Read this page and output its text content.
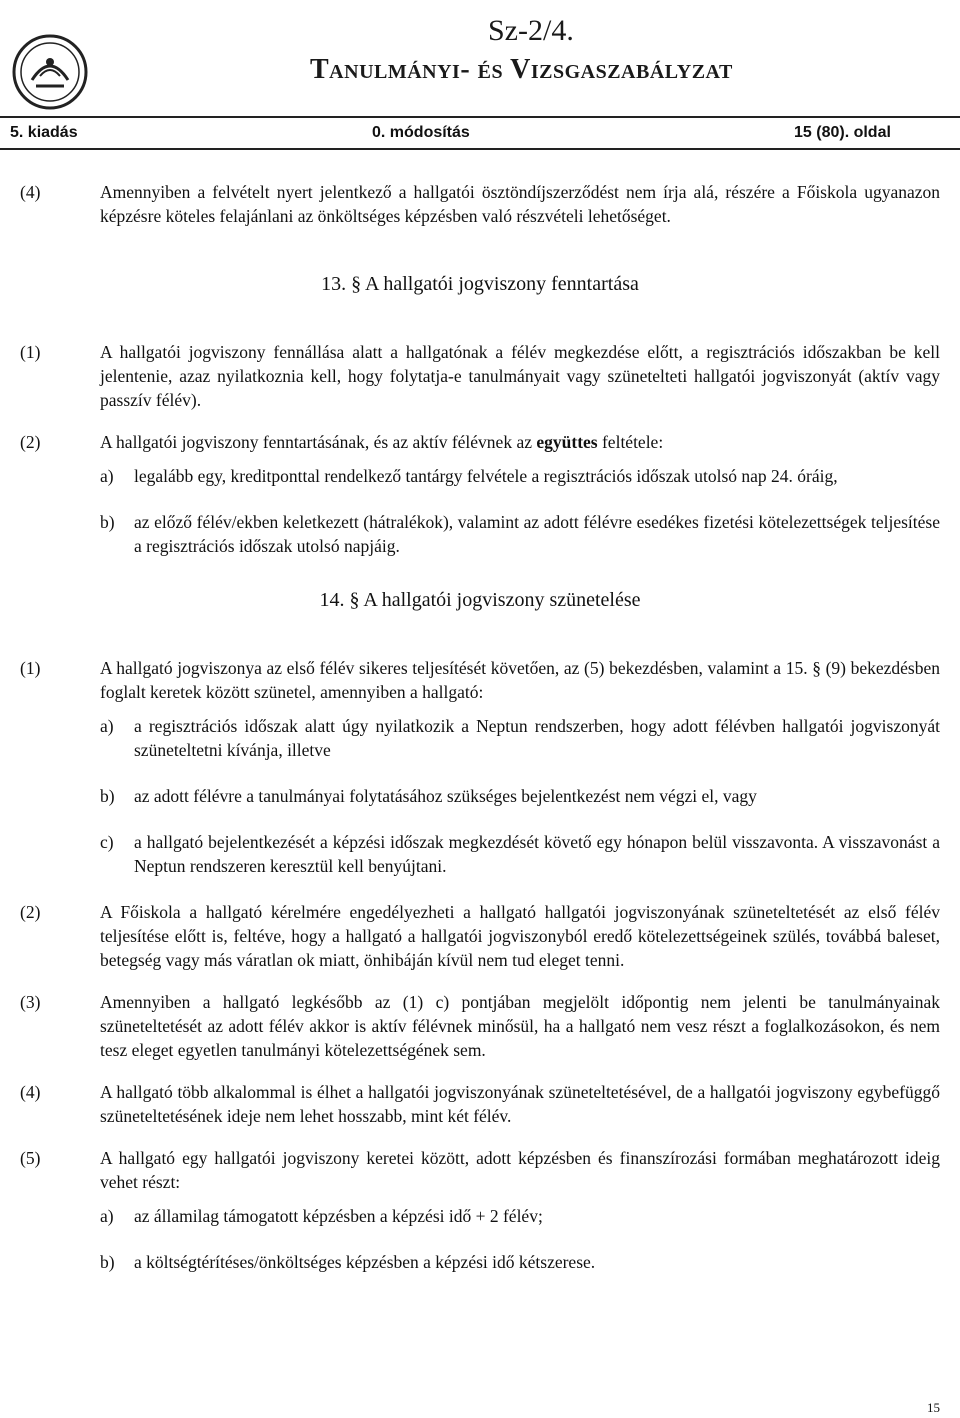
Sz-2/4.
Tanulmányi- és Vizsgaszabályzat
5. kiadás	0. módosítás	15 (80). oldal
(4)	Amennyiben a felvételt nyert jelentkező a hallgatói ösztöndíjszerződést nem írja alá, részére a Főiskola ugyanazon képzésre köteles felajánlani az önköltséges képzésben való részvételi lehetőséget.
13. § A hallgatói jogviszony fenntartása
(1)	A hallgatói jogviszony fennállása alatt a hallgatónak a félév megkezdése előtt, a regisztrációs időszakban be kell jelentenie, azaz nyilatkoznia kell, hogy folytatja-e tanulmányait vagy szünetelteti hallgatói jogviszonyát (aktív vagy passzív félév).
(2)	A hallgatói jogviszony fenntartásának, és az aktív félévnek az együttes feltétele:
a)	legalább egy, kreditponttal rendelkező tantárgy felvétele a regisztrációs időszak utolsó nap 24. óráig,
b)	az előző félév/ekben keletkezett (hátralékok), valamint az adott félévre esedékes fizetési kötelezettségek teljesítése a regisztrációs időszak utolsó napjáig.
14. § A hallgatói jogviszony szünetelése
(1)	A hallgató jogviszonya az első félév sikeres teljesítését követően, az (5) bekezdésben, valamint a 15. § (9) bekezdésben foglalt keretek között szünetel, amennyiben a hallgató:
a)	a regisztrációs időszak alatt úgy nyilatkozik a Neptun rendszerben, hogy adott félévben hallgatói jogviszonyát szüneteltetni kívánja, illetve
b)	az adott félévre a tanulmányai folytatásához szükséges bejelentkezést nem végzi el, vagy
c)	a hallgató bejelentkezését a képzési időszak megkezdését követő egy hónapon belül visszavonta. A visszavonást a Neptun rendszeren keresztül kell benyújtani.
(2)	A Főiskola a hallgató kérelmére engedélyezheti a hallgató hallgatói jogviszonyának szüneteltetését az első félév teljesítése előtt is, feltéve, hogy a hallgató a hallgatói jogviszonyból eredő kötelezettségeinek szülés, továbbá baleset, betegség vagy más váratlan ok miatt, önhibáján kívül nem tud eleget tenni.
(3)	Amennyiben a hallgató legkésőbb az (1) c) pontjában megjelölt időpontig nem jelenti be tanulmányainak szüneteltetését az adott félév akkor is aktív félévnek minősül, ha a hallgató nem vesz részt a foglalkozásokon, és nem tesz eleget egyetlen tanulmányi kötelezettségének sem.
(4)	A hallgató több alkalommal is élhet a hallgatói jogviszonyának szüneteltetésével, de a hallgatói jogviszony egybefüggő szüneteltetésének ideje nem lehet hosszabb, mint két félév.
(5)	A hallgató egy hallgatói jogviszony keretei között, adott képzésben és finanszírozási formában meghatározott ideig vehet részt:
a)	az államilag támogatott képzésben a képzési idő + 2 félév;
b)	a költségtérítéses/önköltséges képzésben a képzési idő kétszerese.
15
